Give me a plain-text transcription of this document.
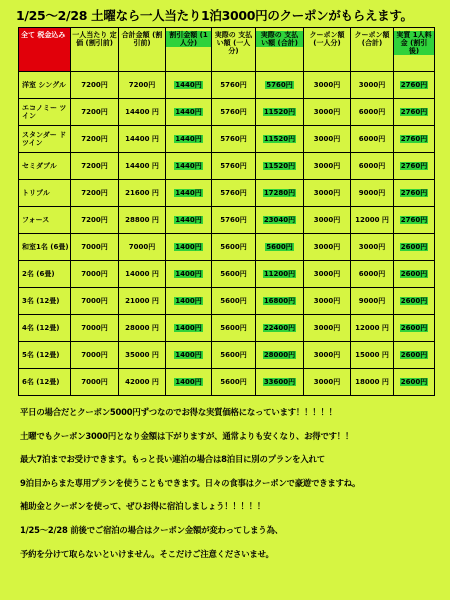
1/25～2/28 土曜なら一人当たり1泊3000円のクーポンがもらえます。
全て 税金込み	一人当たり 定価 (割引前)	合計金額 (割引前)	割引金額 (1人分)	実際の 支払い額 (一人分)	実際の 支払い額 (合計)	クーポン額 (一人分)	クーポン額 (合計)	実質 1人料金 (割引後)
洋室 シングル	7200円	7200円	1440円	5760円	5760円	3000円	3000円	2760円
エコノミー ツイン	7200円	14400 円	1440円	5760円	11520円	3000円	6000円	2760円
スタンダー ドツイン	7200円	14400 円	1440円	5760円	11520円	3000円	6000円	2760円
セミダブル	7200円	14400 円	1440円	5760円	11520円	3000円	6000円	2760円
トリプル	7200円	21600 円	1440円	5760円	17280円	3000円	9000円	2760円
フォース	7200円	28800 円	1440円	5760円	23040円	3000円	12000 円	2760円
和室1名 (6畳)	7000円	7000円	1400円	5600円	5600円	3000円	3000円	2600円
2名 (6畳)	7000円	14000 円	1400円	5600円	11200円	3000円	6000円	2600円
3名 (12畳)	7000円	21000 円	1400円	5600円	16800円	3000円	9000円	2600円
4名 (12畳)	7000円	28000 円	1400円	5600円	22400円	3000円	12000 円	2600円
5名 (12畳)	7000円	35000 円	1400円	5600円	28000円	3000円	15000 円	2600円
6名 (12畳)	7000円	42000 円	1400円	5600円	33600円	3000円	18000 円	2600円
平日の場合だとクーポン5000円ずつなのでお得な実質価格になっています！！！！！
土曜でもクーポン3000円となり金額は下がりますが、通常よりも安くなり、お得です！！
最大7泊までお受けできます。もっと長い連泊の場合は8泊目に別のプランを入れて
9泊目からまた専用プランを使うこともできます。日々の食事はクーポンで豪遊できますね。
補助金とクーポンを使って、ぜひお得に宿泊しましょう！！！！！
1/25～2/28 前後でご宿泊の場合はクーポン金額が変わってしまう為、
予約を分けて取らないといけません。そこだけご注意くださいませ。
